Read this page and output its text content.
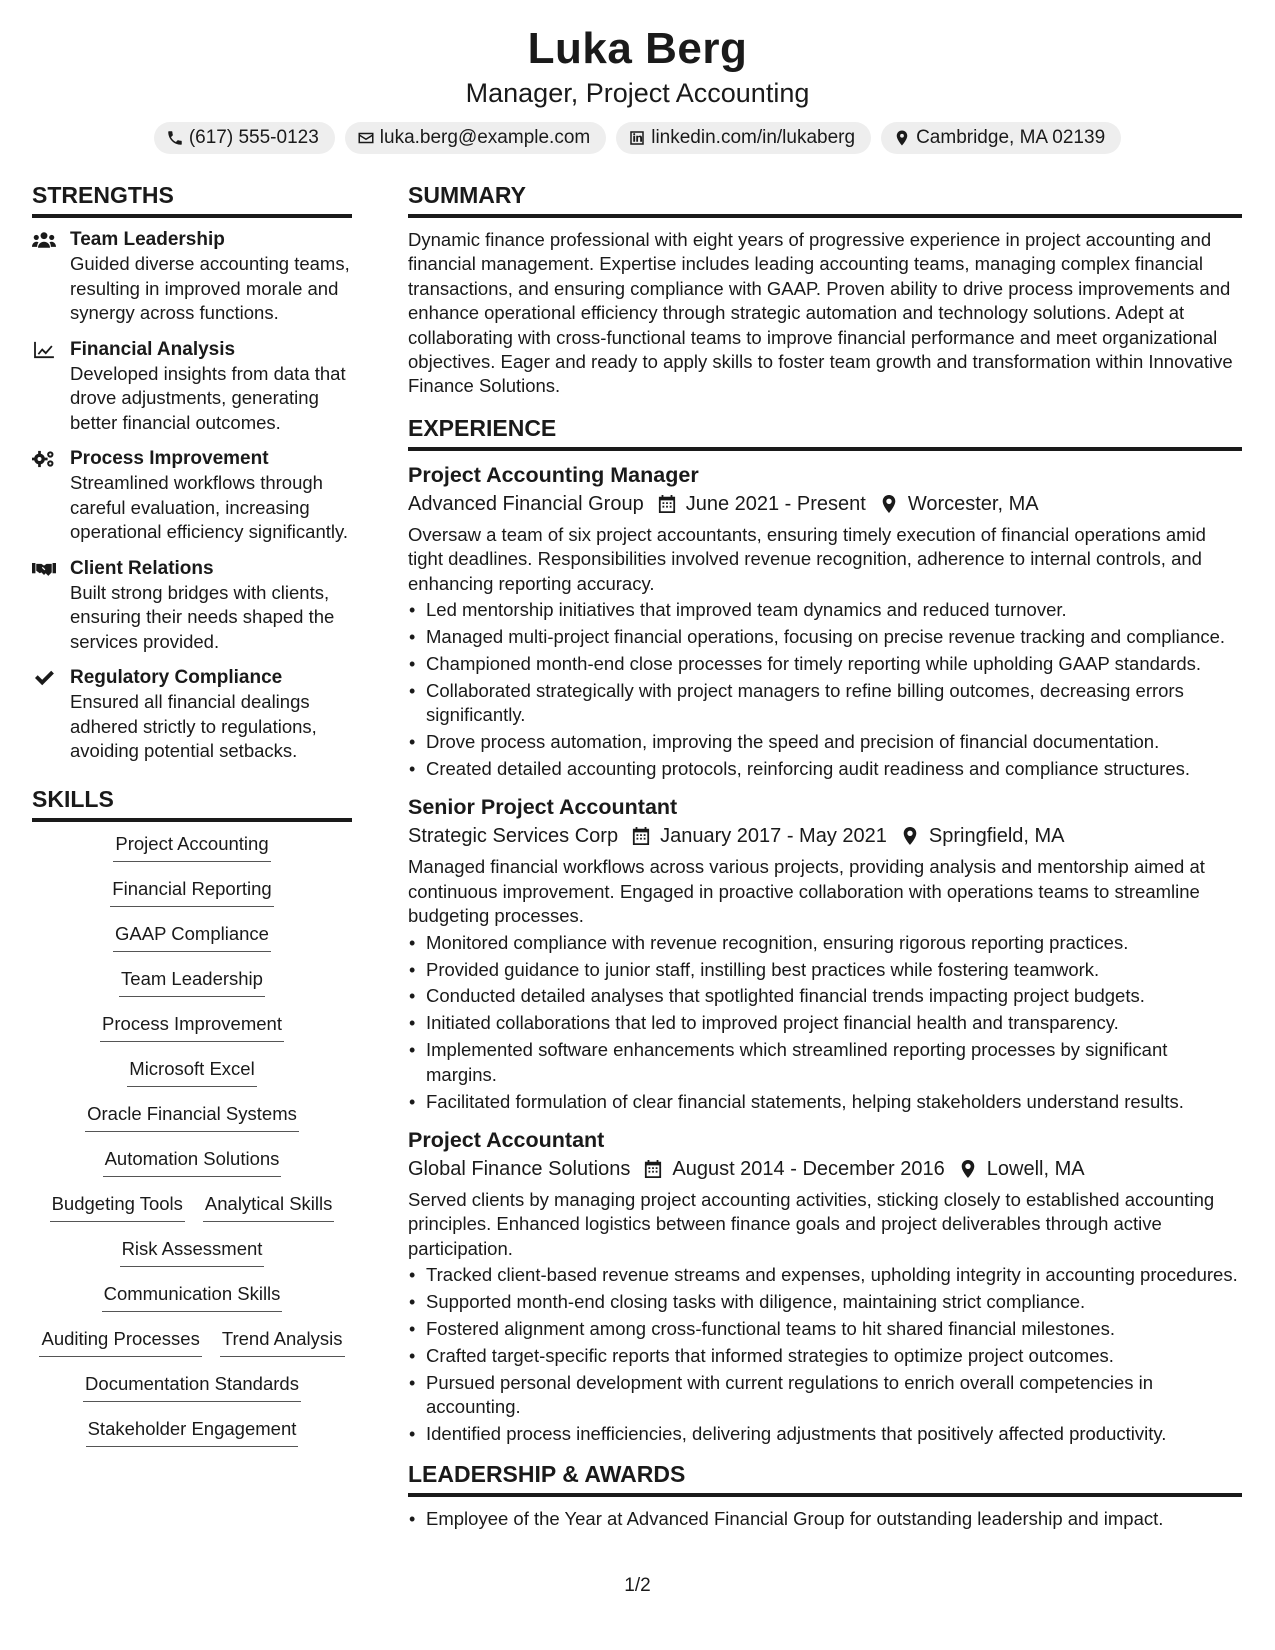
Luka Berg
Manager, Project Accounting
(617) 555-0123	luka.berg@example.com	linkedin.com/in/lukaberg	Cambridge, MA 02139
STRENGTHS
Team Leadership
Guided diverse accounting teams, resulting in improved morale and synergy across functions.
Financial Analysis
Developed insights from data that drove adjustments, generating better financial outcomes.
Process Improvement
Streamlined workflows through careful evaluation, increasing operational efficiency significantly.
Client Relations
Built strong bridges with clients, ensuring their needs shaped the services provided.
Regulatory Compliance
Ensured all financial dealings adhered strictly to regulations, avoiding potential setbacks.
SKILLS
Project Accounting
Financial Reporting
GAAP Compliance
Team Leadership
Process Improvement
Microsoft Excel
Oracle Financial Systems
Automation Solutions
Budgeting Tools Analytical Skills
Risk Assessment
Communication Skills
Auditing Processes Trend Analysis
Documentation Standards
Stakeholder Engagement
SUMMARY
Dynamic finance professional with eight years of progressive experience in project accounting and financial management. Expertise includes leading accounting teams, managing complex financial transactions, and ensuring compliance with GAAP. Proven ability to drive process improvements and enhance operational efficiency through strategic automation and technology solutions. Adept at collaborating with cross-functional teams to improve financial performance and meet organizational objectives. Eager and ready to apply skills to foster team growth and transformation within Innovative Finance Solutions.
EXPERIENCE
Project Accounting Manager
Advanced Financial Group June 2021 - Present Worcester, MA
Oversaw a team of six project accountants, ensuring timely execution of financial operations amid tight deadlines. Responsibilities involved revenue recognition, adherence to internal controls, and enhancing reporting accuracy.
• Led mentorship initiatives that improved team dynamics and reduced turnover.
• Managed multi-project financial operations, focusing on precise revenue tracking and compliance.
• Championed month-end close processes for timely reporting while upholding GAAP standards.
• Collaborated strategically with project managers to refine billing outcomes, decreasing errors significantly.
• Drove process automation, improving the speed and precision of financial documentation.
• Created detailed accounting protocols, reinforcing audit readiness and compliance structures.
Senior Project Accountant
Strategic Services Corp January 2017 - May 2021 Springfield, MA
Managed financial workflows across various projects, providing analysis and mentorship aimed at continuous improvement. Engaged in proactive collaboration with operations teams to streamline budgeting processes.
• Monitored compliance with revenue recognition, ensuring rigorous reporting practices.
• Provided guidance to junior staff, instilling best practices while fostering teamwork.
• Conducted detailed analyses that spotlighted financial trends impacting project budgets.
• Initiated collaborations that led to improved project financial health and transparency.
• Implemented software enhancements which streamlined reporting processes by significant margins.
• Facilitated formulation of clear financial statements, helping stakeholders understand results.
Project Accountant
Global Finance Solutions August 2014 - December 2016 Lowell, MA
Served clients by managing project accounting activities, sticking closely to established accounting principles. Enhanced logistics between finance goals and project deliverables through active participation.
• Tracked client-based revenue streams and expenses, upholding integrity in accounting procedures.
• Supported month-end closing tasks with diligence, maintaining strict compliance.
• Fostered alignment among cross-functional teams to hit shared financial milestones.
• Crafted target-specific reports that informed strategies to optimize project outcomes.
• Pursued personal development with current regulations to enrich overall competencies in accounting.
• Identified process inefficiencies, delivering adjustments that positively affected productivity.
LEADERSHIP & AWARDS
• Employee of the Year at Advanced Financial Group for outstanding leadership and impact.
1/2
